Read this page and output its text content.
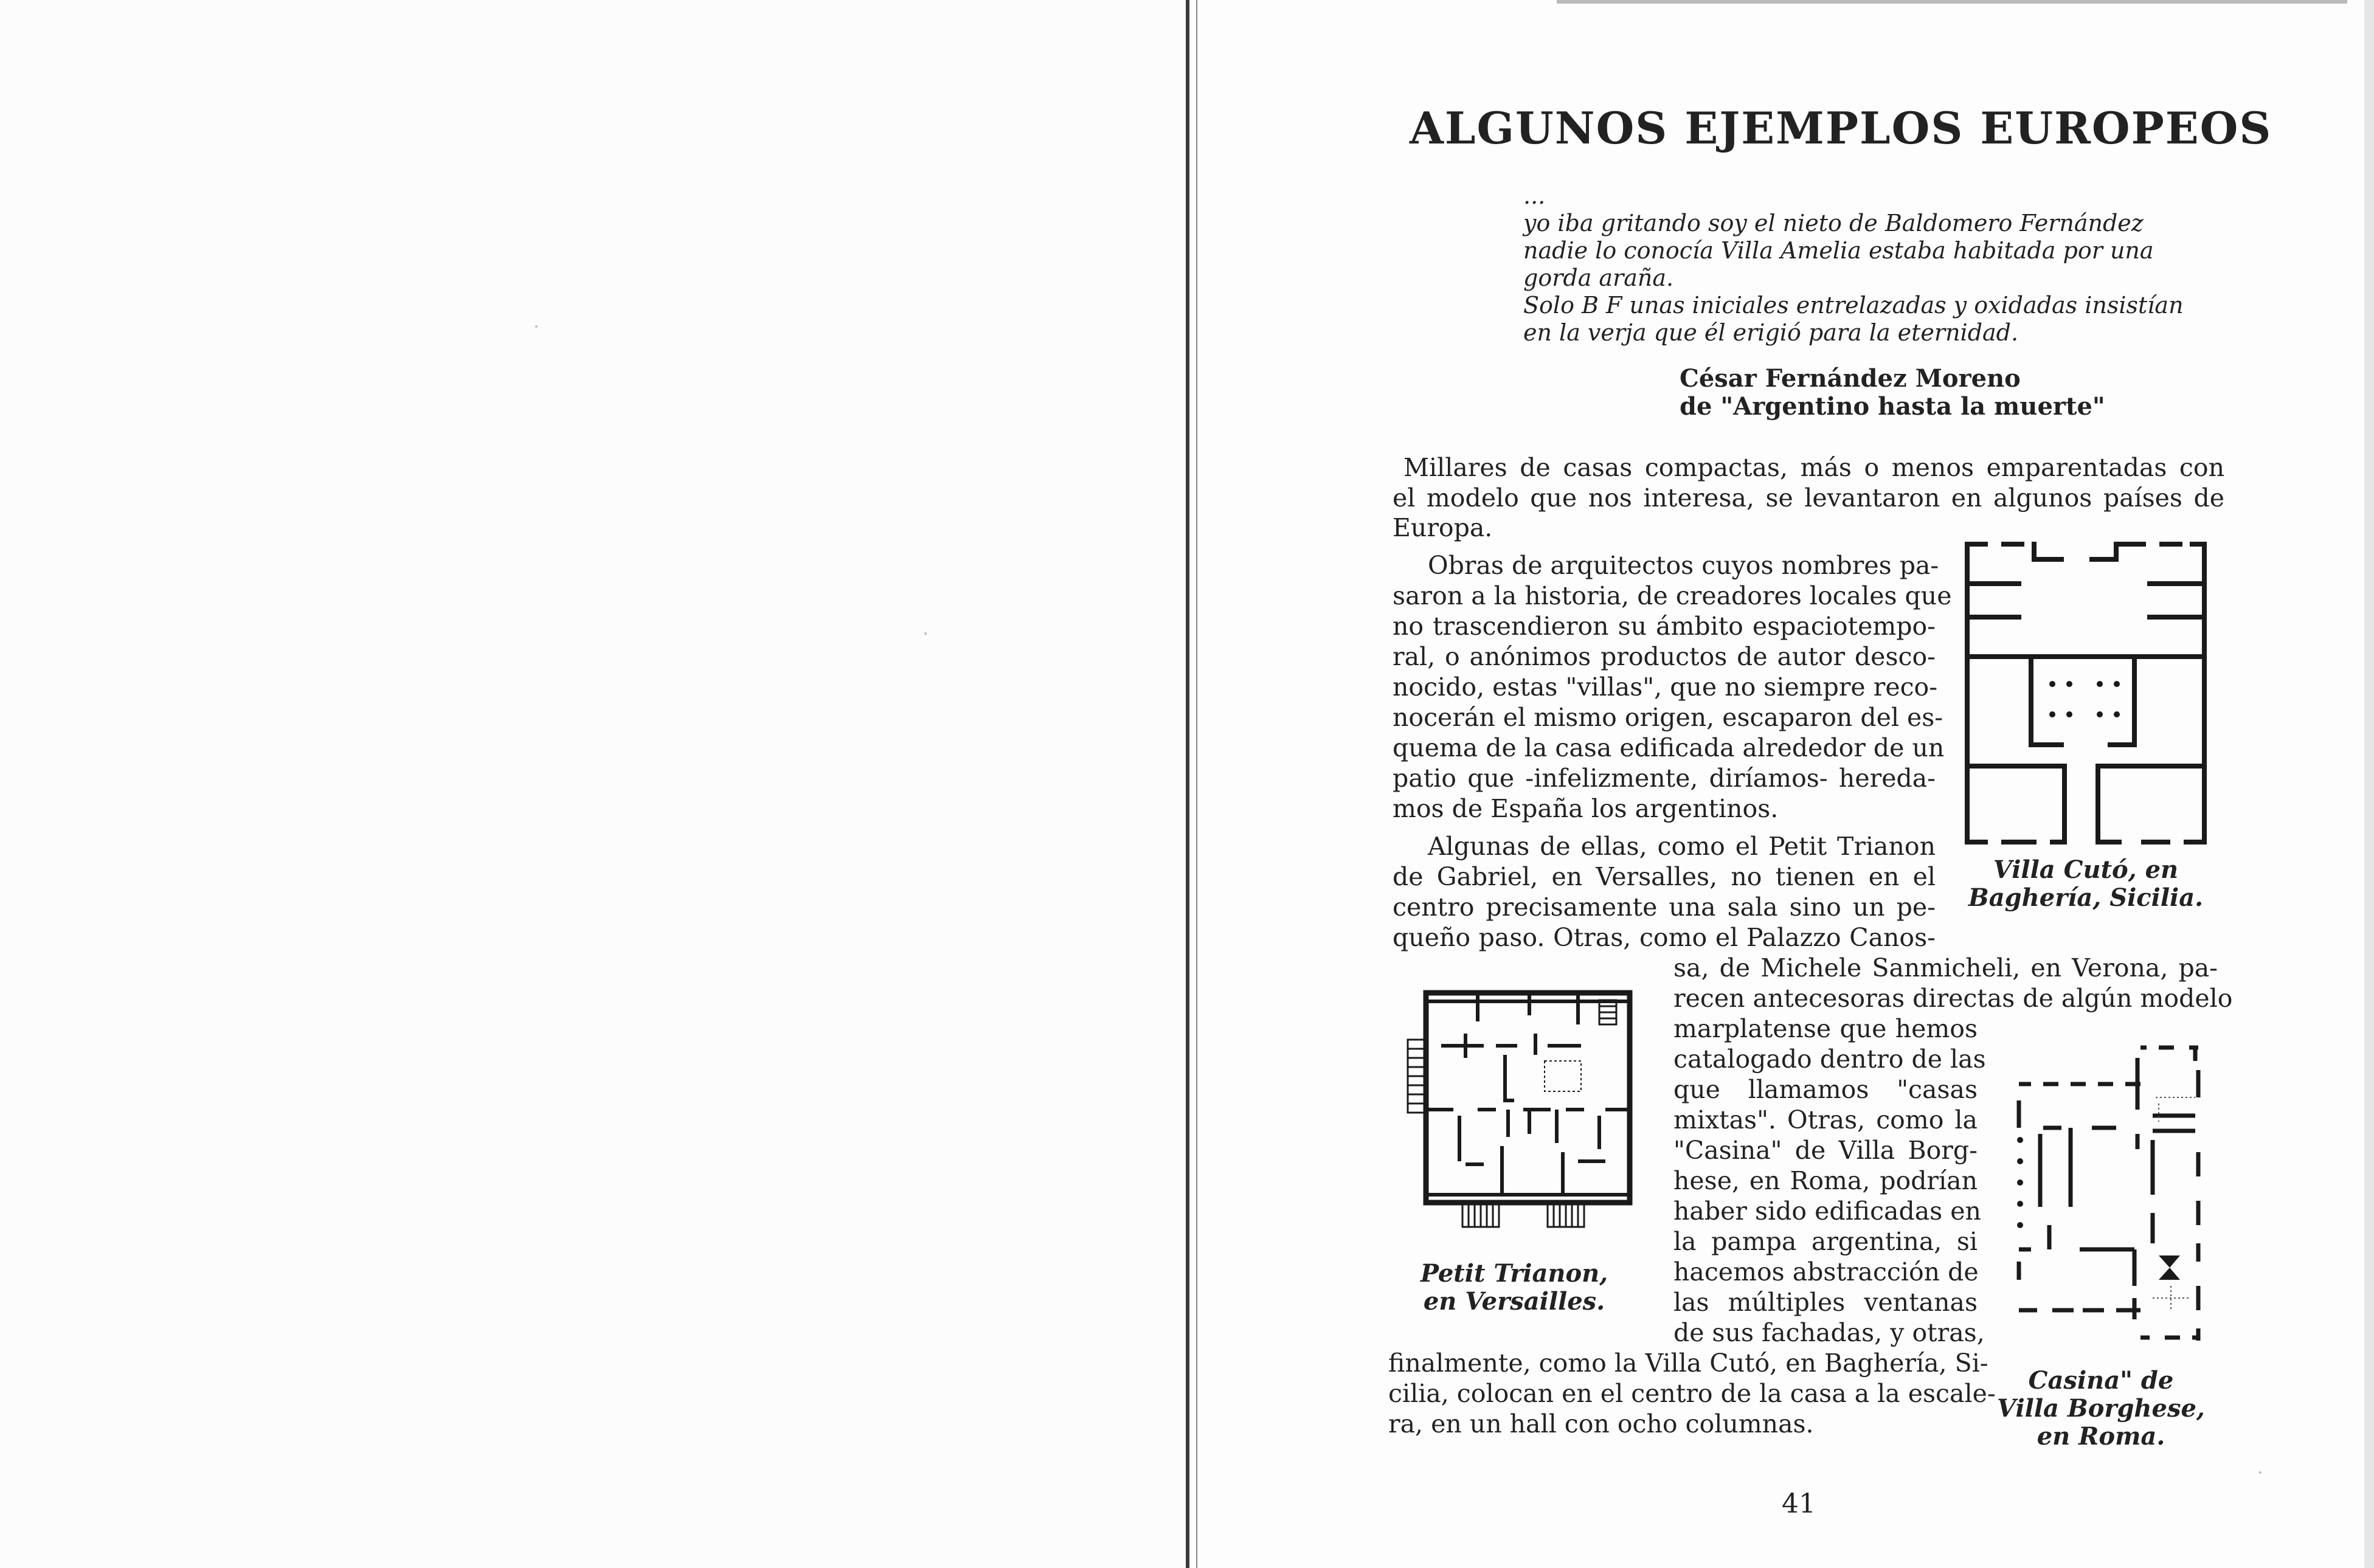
ALGUNOS EJEMPLOS EUROPEOS
...
yo iba gritando soy el nieto de Baldomero Fernández
nadie lo conocía Villa Amelia estaba habitada por una
gorda araña.
Solo B F unas iniciales entrelazadas y oxidadas insistían
en la verja que él erigió para la eternidad.
César Fernández Moreno
de "Argentino hasta la muerte"
Millares de casas compactas, más o menos emparentadas con
el modelo que nos interesa, se levantaron en algunos países de
Europa.
Obras de arquitectos cuyos nombres pa-
saron a la historia, de creadores locales que
no trascendieron su ámbito espaciotempo-
ral, o anónimos productos de autor desco-
nocido, estas "villas", que no siempre reco-
nocerán el mismo origen, escaparon del es-
quema de la casa edificada alrededor de un
patio que -infelizmente, diríamos- hereda-
mos de España los argentinos.
Algunas de ellas, como el Petit Trianon
de Gabriel, en Versalles, no tienen en el
centro precisamente una sala sino un pe-
queño paso. Otras, como el Palazzo Canos-
sa, de Michele Sanmicheli, en Verona, pa-
recen antecesoras directas de algún modelo
marplatense que hemos
catalogado dentro de las
que llamamos "casas
mixtas". Otras, como la
"Casina" de Villa Borg-
hese, en Roma, podrían
haber sido edificadas en
la pampa argentina, si
hacemos abstracción de
las múltiples ventanas
de sus fachadas, y otras,
finalmente, como la Villa Cutó, en Baghería, Si-
cilia, colocan en el centro de la casa a la escale-
ra, en un hall con ocho columnas.
Villa Cutó, en
Baghería, Sicilia.
Petit Trianon,
en Versailles.
Casina" de
Villa Borghese,
en Roma.
41
